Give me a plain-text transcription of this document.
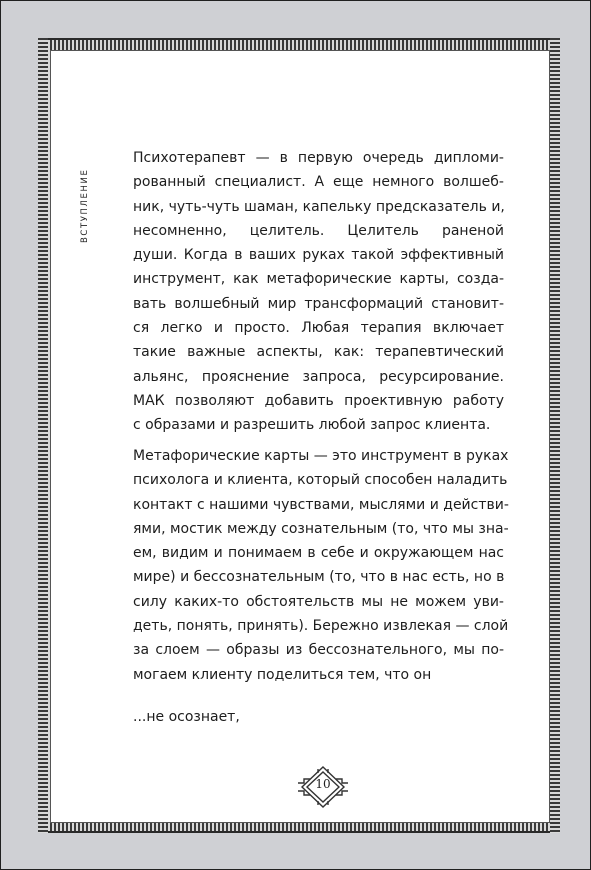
ВСТУПЛЕНИЕ
Психотерапевт — в первую очередь дипломи-
рованный специалист. А еще немного волшеб-
ник, чуть-чуть шаман, капельку предсказатель и,
несомненно, целитель. Целитель раненой
души. Когда в ваших руках такой эффективный
инструмент, как метафорические карты, созда-
вать волшебный мир трансформаций становит-
ся легко и просто. Любая терапия включает
такие важные аспекты, как: терапевтический
альянс, прояснение запроса, ресурсирование.
МАК позволяют добавить проективную работу
с образами и разрешить любой запрос клиента.
Метафорические карты — это инструмент в руках
психолога и клиента, который способен наладить
контакт с нашими чувствами, мыслями и действи-
ями, мостик между сознательным (то, что мы зна-
ем, видим и понимаем в себе и окружающем нас
мире) и бессознательным (то, что в нас есть, но в
силу каких-то обстоятельств мы не можем уви-
деть, понять, принять). Бережно извлекая — слой
за слоем — образы из бессознательного, мы по-
могаем клиенту поделиться тем, что он
...не осознает,
10
